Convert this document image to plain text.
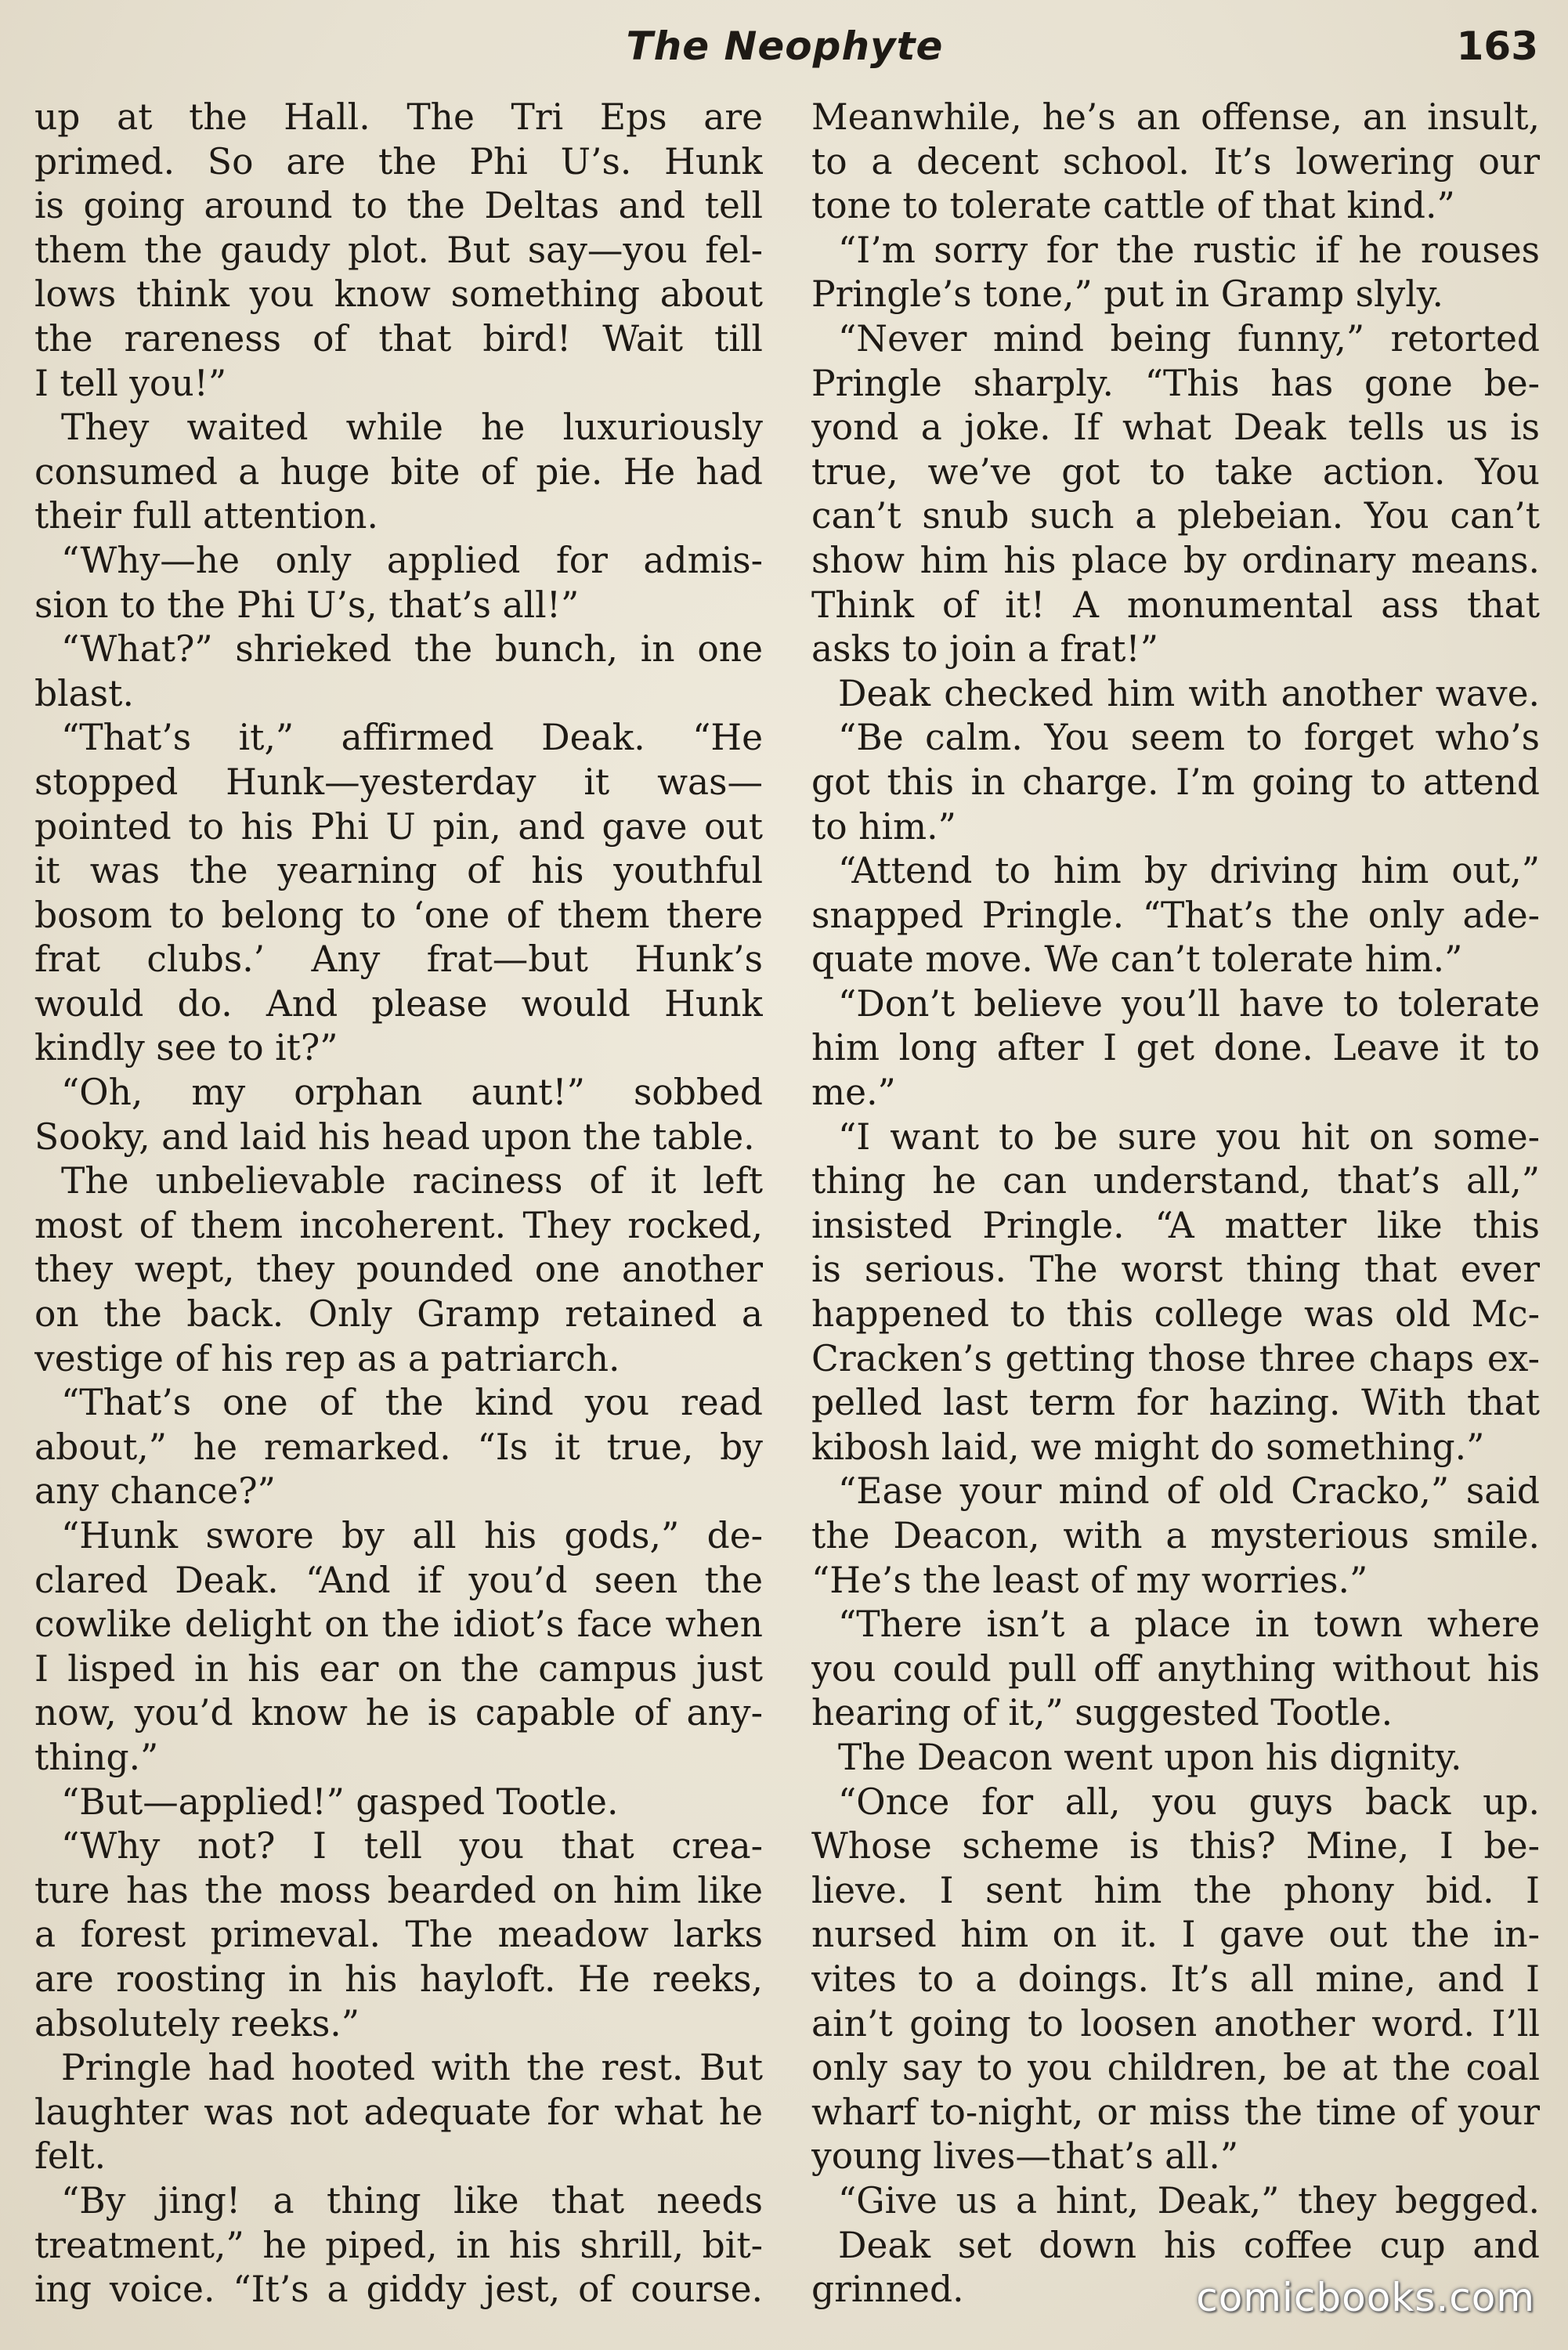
The Neophyte	163
up at the Hall. The Tri Eps are
primed. So are the Phi U’s. Hunk
is going around to the Deltas and tell
them the gaudy plot. But say—you fel-
lows think you know something about
the rareness of that bird! Wait till
I tell you!”
They waited while he luxuriously
consumed a huge bite of pie. He had
their full attention.
“Why—he only applied for admis-
sion to the Phi U’s, that’s all!”
“What?” shrieked the bunch, in one
blast.
“That’s it,” affirmed Deak. “He
stopped Hunk—yesterday it was—
pointed to his Phi U pin, and gave out
it was the yearning of his youthful
bosom to belong to ‘one of them there
frat clubs.’ Any frat—but Hunk’s
would do. And please would Hunk
kindly see to it?”
“Oh, my orphan aunt!” sobbed
Sooky, and laid his head upon the table.
The unbelievable raciness of it left
most of them incoherent. They rocked,
they wept, they pounded one another
on the back. Only Gramp retained a
vestige of his rep as a patriarch.
“That’s one of the kind you read
about,” he remarked. “Is it true, by
any chance?”
“Hunk swore by all his gods,” de-
clared Deak. “And if you’d seen the
cowlike delight on the idiot’s face when
I lisped in his ear on the campus just
now, you’d know he is capable of any-
thing.”
“But—applied!” gasped Tootle.
“Why not? I tell you that crea-
ture has the moss bearded on him like
a forest primeval. The meadow larks
are roosting in his hayloft. He reeks,
absolutely reeks.”
Pringle had hooted with the rest. But
laughter was not adequate for what he
felt.
“By jing! a thing like that needs
treatment,” he piped, in his shrill, bit-
ing voice. “It’s a giddy jest, of course.
Meanwhile, he’s an offense, an insult,
to a decent school. It’s lowering our
tone to tolerate cattle of that kind.”
“I’m sorry for the rustic if he rouses
Pringle’s tone,” put in Gramp slyly.
“Never mind being funny,” retorted
Pringle sharply. “This has gone be-
yond a joke. If what Deak tells us is
true, we’ve got to take action. You
can’t snub such a plebeian. You can’t
show him his place by ordinary means.
Think of it! A monumental ass that
asks to join a frat!”
Deak checked him with another wave.
“Be calm. You seem to forget who’s
got this in charge. I’m going to attend
to him.”
“Attend to him by driving him out,”
snapped Pringle. “That’s the only ade-
quate move. We can’t tolerate him.”
“Don’t believe you’ll have to tolerate
him long after I get done. Leave it to
me.”
“I want to be sure you hit on some-
thing he can understand, that’s all,”
insisted Pringle. “A matter like this
is serious. The worst thing that ever
happened to this college was old Mc-
Cracken’s getting those three chaps ex-
pelled last term for hazing. With that
kibosh laid, we might do something.”
“Ease your mind of old Cracko,” said
the Deacon, with a mysterious smile.
“He’s the least of my worries.”
“There isn’t a place in town where
you could pull off anything without his
hearing of it,” suggested Tootle.
The Deacon went upon his dignity.
“Once for all, you guys back up.
Whose scheme is this? Mine, I be-
lieve. I sent him the phony bid. I
nursed him on it. I gave out the in-
vites to a doings. It’s all mine, and I
ain’t going to loosen another word. I’ll
only say to you children, be at the coal
wharf to-night, or miss the time of your
young lives—that’s all.”
“Give us a hint, Deak,” they begged.
Deak set down his coffee cup and
grinned.	comicbooks.com
